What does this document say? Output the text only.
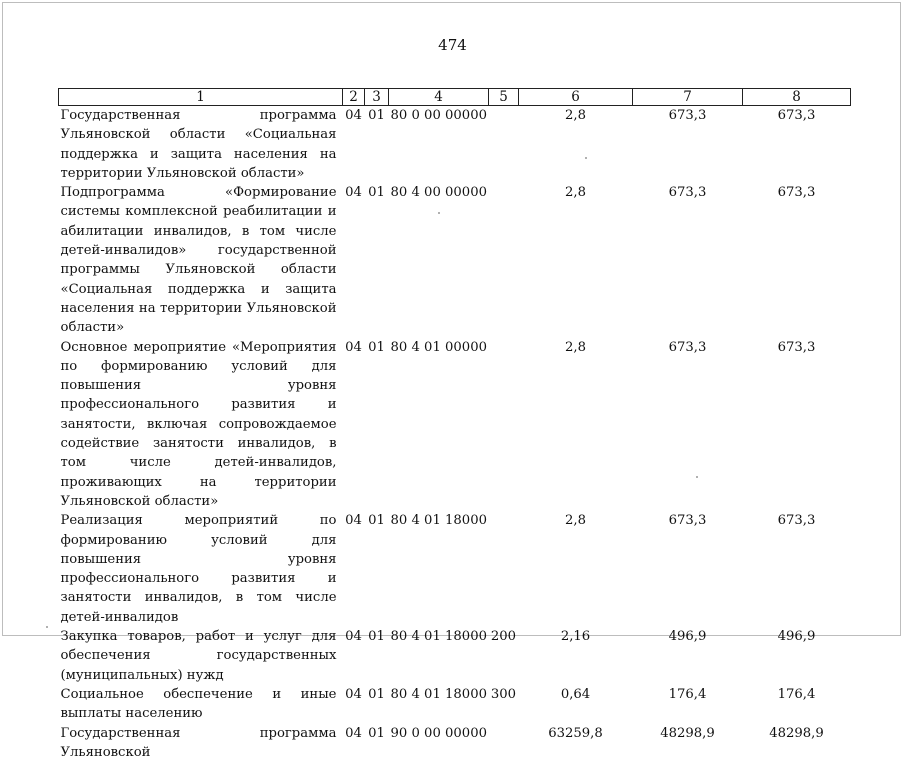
474
1	2	3	4	5	6	7	8
Государственная программа Ульяновской области «Социальная поддержка и защита населения на территории Ульяновской области»	04	01	80 0 00 00000		2,8	673,3	673,3
Подпрограмма «Формирование системы комплексной реабилитации и абилитации инвалидов, в том числе детей-инвалидов» государственной программы Ульяновской области «Социальная поддержка и защита населения на территории Ульяновской области»	04	01	80 4 00 00000		2,8	673,3	673,3
Основное мероприятие «Мероприятия по формированию условий для повышения уровня профессионального развития и занятости, включая сопровождаемое содействие занятости инвалидов, в том числе детей-инвалидов, проживающих на территории Ульяновской области»	04	01	80 4 01 00000		2,8	673,3	673,3
Реализация мероприятий по формированию условий для повышения уровня профессионального развития и занятости инвалидов, в том числе детей-инвалидов	04	01	80 4 01 18000		2,8	673,3	673,3
Закупка товаров, работ и услуг для обеспечения государственных (муниципальных) нужд	04	01	80 4 01 18000	200	2,16	496,9	496,9
Социальное обеспечение и иные выплаты населению	04	01	80 4 01 18000	300	0,64	176,4	176,4
Государственная программа Ульяновской	04	01	90 0 00 00000		63259,8	48298,9	48298,9
